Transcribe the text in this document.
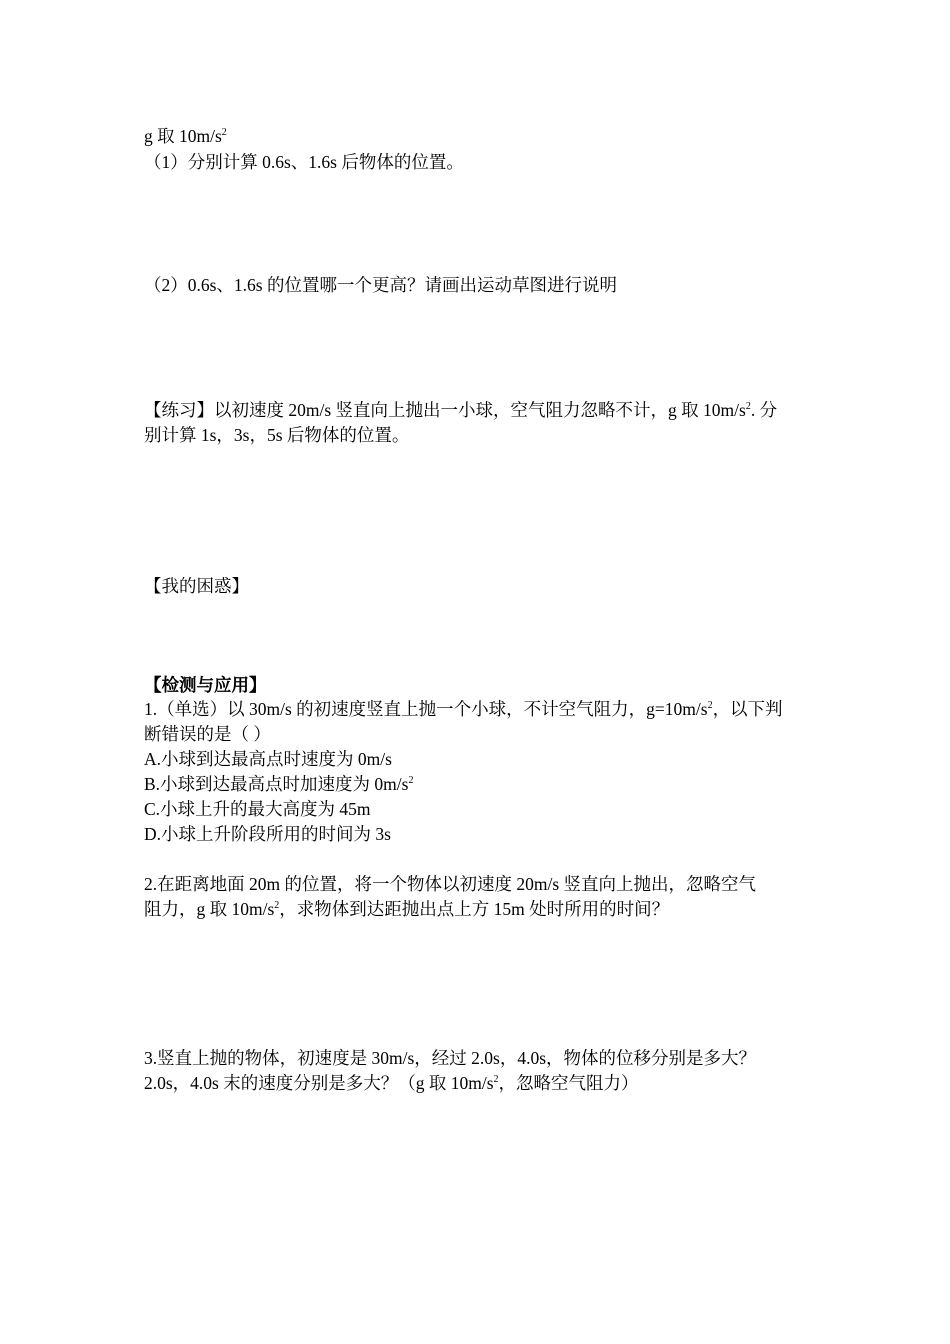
g 取 $10m/s^2$
（1）分别计算 0.6s、1.6s 后物体的位置。
（2）0.6s、1.6s 的位置哪一个更高？请画出运动草图进行说明
【练习】以初速度 20m/s 竖直向上抛出一小球，空气阻力忽略不计，g 取 $10m/s^2$. 分
别计算 1s，3s，5s 后物体的位置。
【我的困惑】
【检测与应用】
1.（单选）以 30m/s 的初速度竖直上抛一个小球，不计空气阻力，$g=10m/s^2$，以下判
断错误的是（ ）
A.小球到达最高点时速度为 0m/s
B.小球到达最高点时加速度为 $0m/s^2$
C.小球上升的最大高度为 45m
D.小球上升阶段所用的时间为 3s
2.在距离地面 20m 的位置，将一个物体以初速度 20m/s 竖直向上抛出，忽略空气
阻力，g 取 $10m/s^2$，求物体到达距抛出点上方 15m 处时所用的时间？
3.竖直上抛的物体，初速度是 30m/s，经过 2.0s，4.0s，物体的位移分别是多大？
2.0s，4.0s 末的速度分别是多大？（g 取 $10m/s^2$，忽略空气阻力）
